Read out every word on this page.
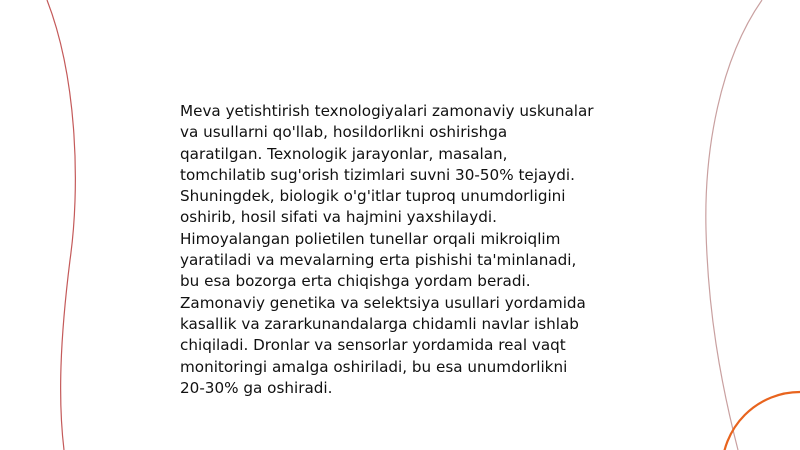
Meva yetishtirish texnologiyalari zamonaviy uskunalar
va usullarni qo'llab, hosildorlikni oshirishga
qaratilgan. Texnologik jarayonlar, masalan,
tomchilatib sug'orish tizimlari suvni 30-50% tejaydi.
Shuningdek, biologik o'g'itlar tuproq unumdorligini
oshirib, hosil sifati va hajmini yaxshilaydi.
Himoyalangan polietilen tunellar orqali mikroiqlim
yaratiladi va mevalarning erta pishishi ta'minlanadi,
bu esa bozorga erta chiqishga yordam beradi.
Zamonaviy genetika va selektsiya usullari yordamida
kasallik va zararkunandalarga chidamli navlar ishlab
chiqiladi. Dronlar va sensorlar yordamida real vaqt
monitoringi amalga oshiriladi, bu esa unumdorlikni
20-30% ga oshiradi.
